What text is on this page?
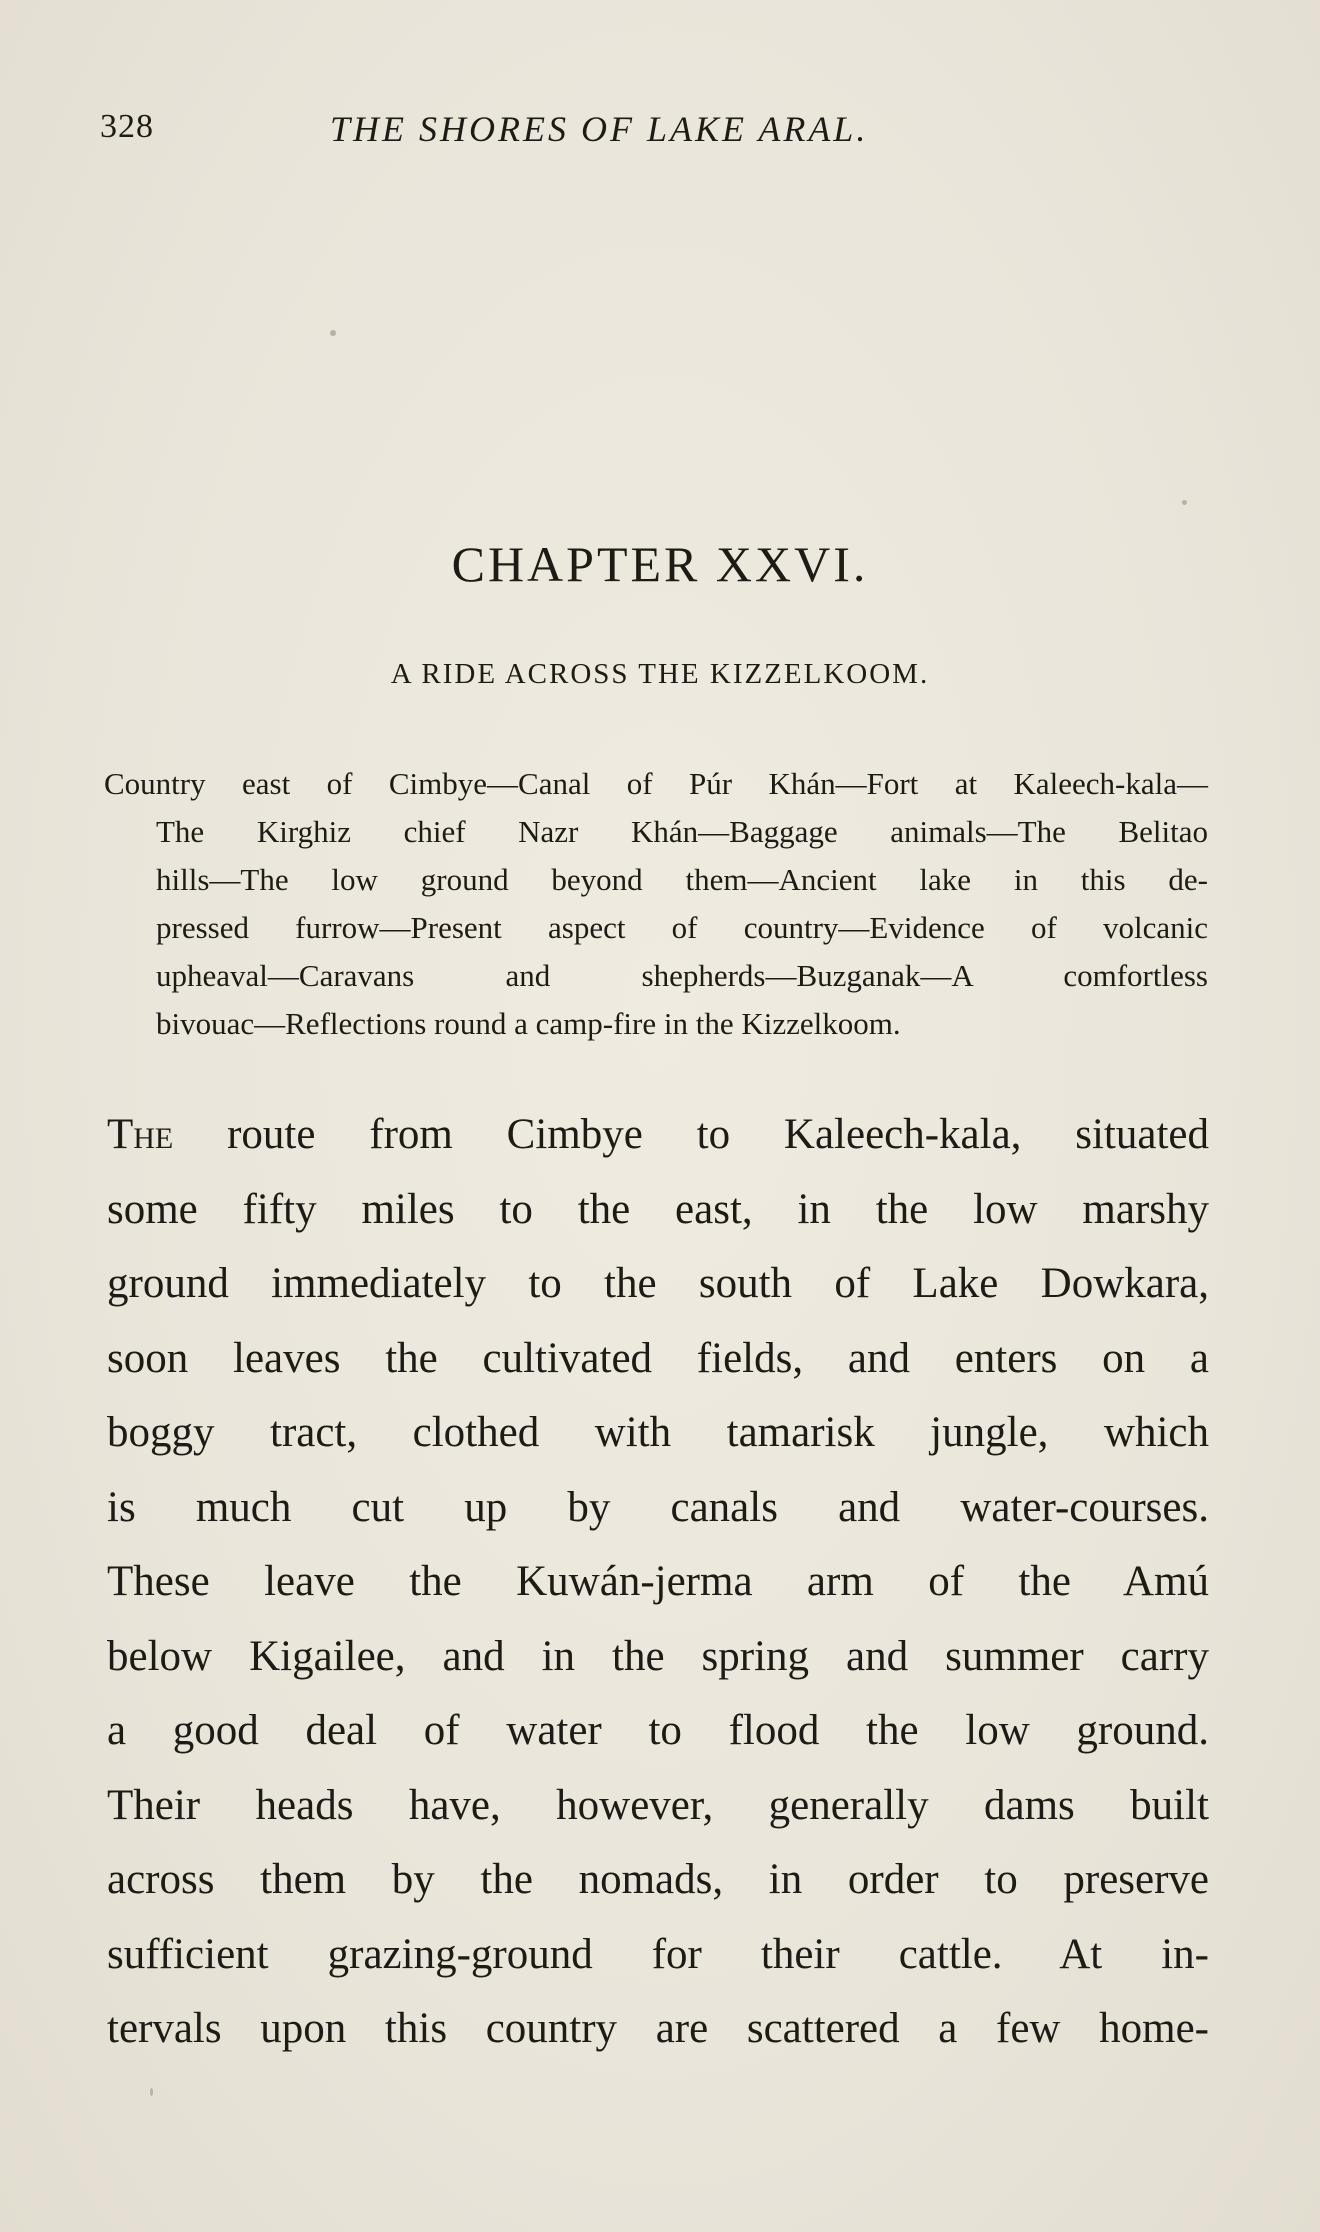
328	THE SHORES OF LAKE ARAL.
CHAPTER XXVI.
A RIDE ACROSS THE KIZZELKOOM.
Country east of Cimbye—Canal of Púr Khán—Fort at Kaleech-kala—
The Kirghiz chief Nazr Khán—Baggage animals—The Belitao
hills—The low ground beyond them—Ancient lake in this de-
pressed furrow—Present aspect of country—Evidence of volcanic
upheaval—Caravans and shepherds—Buzganak—A comfortless
bivouac—Reflections round a camp-fire in the Kizzelkoom.
The route from Cimbye to Kaleech-kala, situated
some fifty miles to the east, in the low marshy
ground immediately to the south of Lake Dowkara,
soon leaves the cultivated fields, and enters on a
boggy tract, clothed with tamarisk jungle, which
is much cut up by canals and water-courses.
These leave the Kuwán-jerma arm of the Amú
below Kigailee, and in the spring and summer carry
a good deal of water to flood the low ground.
Their heads have, however, generally dams built
across them by the nomads, in order to preserve
sufficient grazing-ground for their cattle. At in-
tervals upon this country are scattered a few home-
